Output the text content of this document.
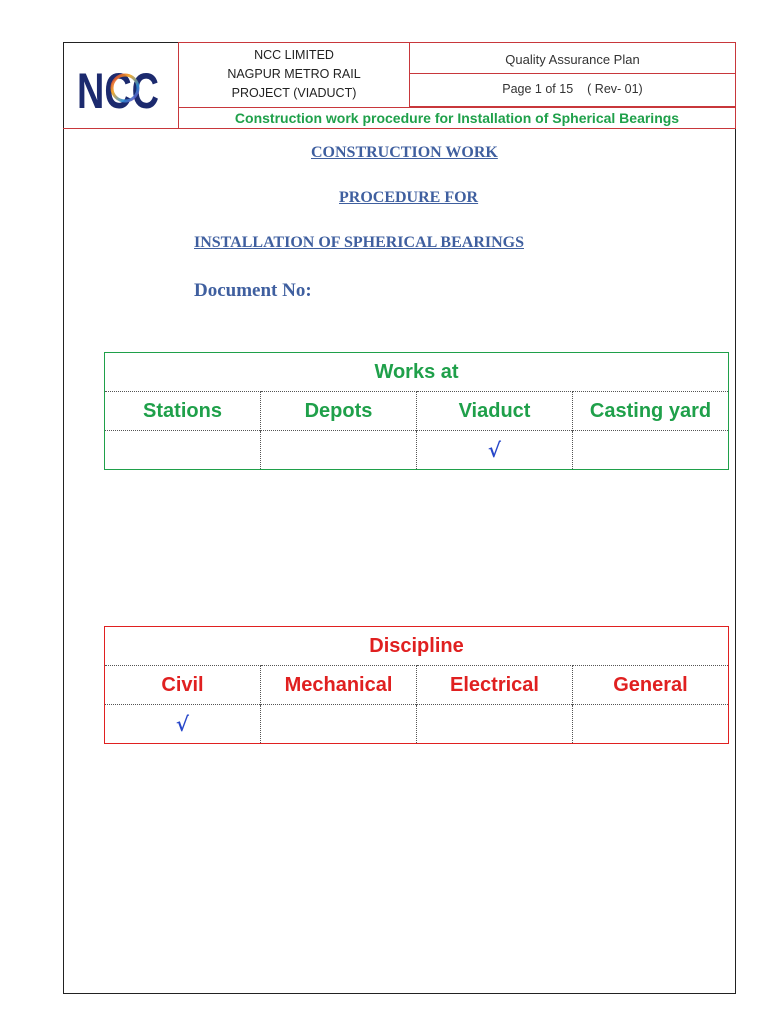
NCC
NCC LIMITED
NAGPUR METRO RAIL
PROJECT (VIADUCT)
Quality Assurance Plan
Page 1 of 15 ( Rev- 01)
Construction work procedure for Installation of Spherical Bearings
CONSTRUCTION WORK
PROCEDURE FOR
INSTALLATION OF SPHERICAL BEARINGS
Document No:
Works at			
Stations	Depots	Viaduct	Casting yard
		√	
Discipline			
Civil	Mechanical	Electrical	General
√			
